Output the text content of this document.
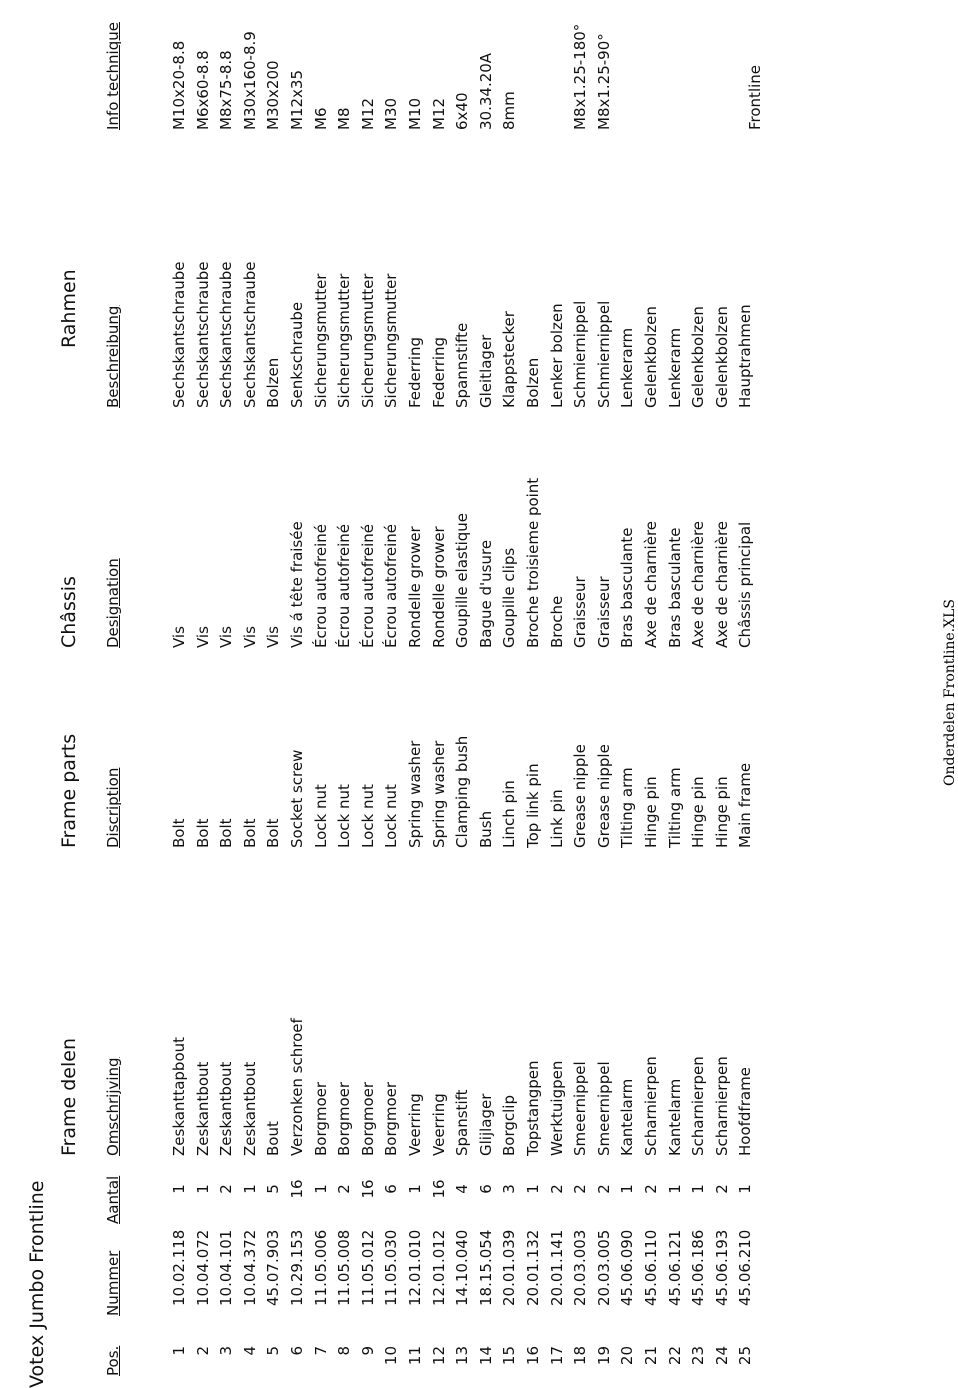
Votex Jumbo Frontline
Frame delen
Frame parts
Châssis
Rahmen
Pos.
Nummer
Aantal
Omschrijving
Discription
Designation
Beschreibung
Info technique
1
10.02.118
1
Zeskanttapbout
Bolt
Vis
Sechskantschraube
M10x20-8.8
2
10.04.072
1
Zeskantbout
Bolt
Vis
Sechskantschraube
M6x60-8.8
3
10.04.101
2
Zeskantbout
Bolt
Vis
Sechskantschraube
M8x75-8.8
4
10.04.372
1
Zeskantbout
Bolt
Vis
Sechskantschraube
M30x160-8.9
5
45.07.903
5
Bout
Bolt
Vis
Bolzen
M30x200
6
10.29.153
16
Verzonken schroef
Socket screw
Vis á tête fraisée
Senkschraube
M12x35
7
11.05.006
1
Borgmoer
Lock nut
Écrou autofreiné
Sicherungsmutter
M6
8
11.05.008
2
Borgmoer
Lock nut
Écrou autofreiné
Sicherungsmutter
M8
9
11.05.012
16
Borgmoer
Lock nut
Écrou autofreiné
Sicherungsmutter
M12
10
11.05.030
6
Borgmoer
Lock nut
Écrou autofreiné
Sicherungsmutter
M30
11
12.01.010
1
Veerring
Spring washer
Rondelle grower
Federring
M10
12
12.01.012
16
Veerring
Spring washer
Rondelle grower
Federring
M12
13
14.10.040
4
Spanstift
Clamping bush
Goupille elastique
Spannstifte
6x40
14
18.15.054
6
Glijlager
Bush
Bague d'usure
Gleitlager
30.34.20A
15
20.01.039
3
Borgclip
Linch pin
Goupille clips
Klappstecker
8mm
16
20.01.132
1
Topstangpen
Top link pin
Broche troisieme point
Bolzen
17
20.01.141
2
Werktuigpen
Link pin
Broche
Lenker bolzen
18
20.03.003
2
Smeernippel
Grease nipple
Graisseur
Schmiernippel
M8x1.25-180°
19
20.03.005
2
Smeernippel
Grease nipple
Graisseur
Schmiernippel
M8x1.25-90°
20
45.06.090
1
Kantelarm
Tilting arm
Bras basculante
Lenkerarm
21
45.06.110
2
Scharnierpen
Hinge pin
Axe de charnière
Gelenkbolzen
22
45.06.121
1
Kantelarm
Tilting arm
Bras basculante
Lenkerarm
23
45.06.186
1
Scharnierpen
Hinge pin
Axe de charnière
Gelenkbolzen
24
45.06.193
2
Scharnierpen
Hinge pin
Axe de charnière
Gelenkbolzen
25
45.06.210
1
Hoofdframe
Main frame
Châssis principal
Hauptrahmen
Frontline
Onderdelen Frontline.XLS
